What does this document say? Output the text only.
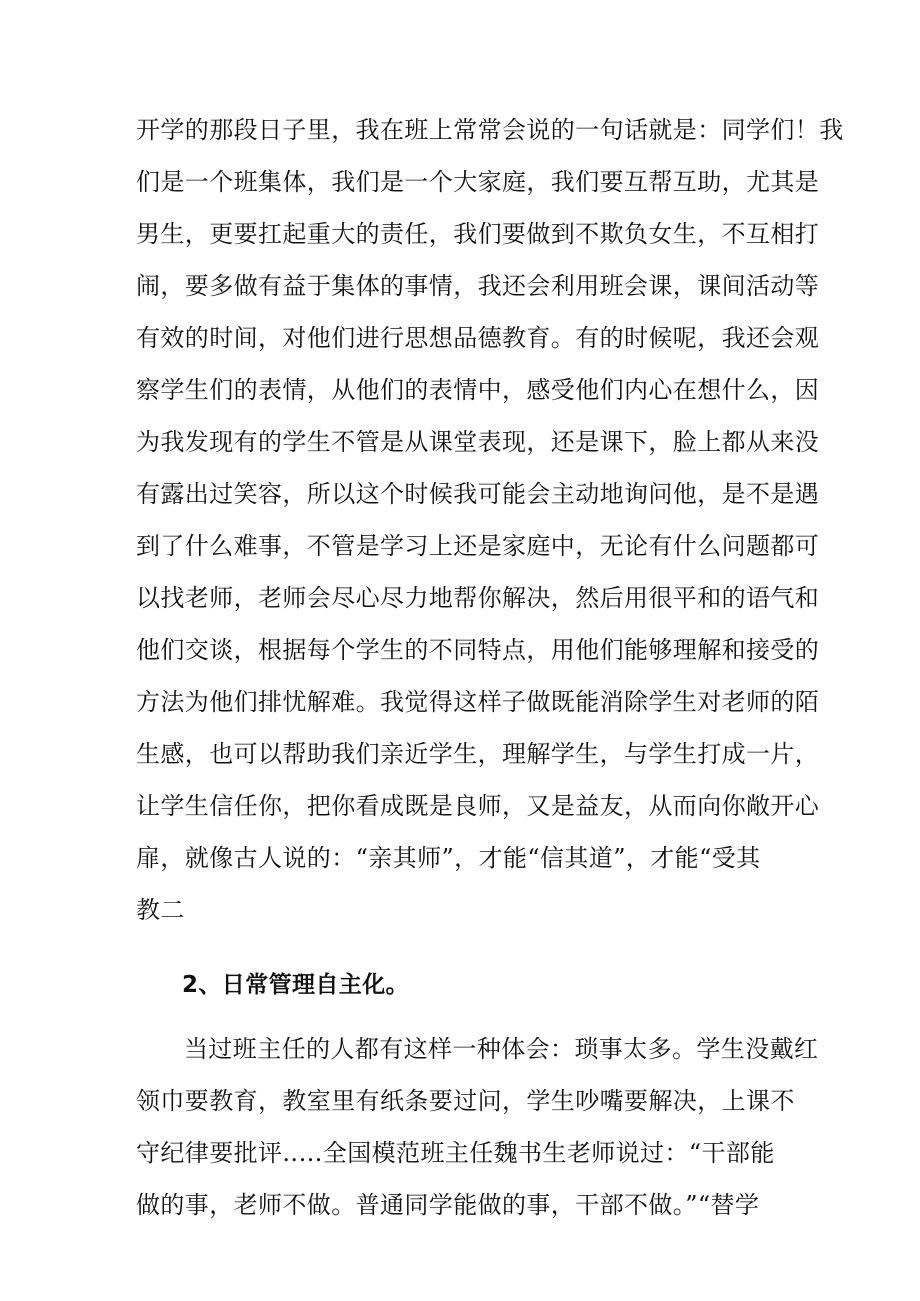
开学的那段日子里，我在班上常常会说的一句话就是：同学们！我
们是一个班集体，我们是一个大家庭，我们要互帮互助，尤其是
男生，更要扛起重大的责任，我们要做到不欺负女生，不互相打
闹，要多做有益于集体的事情，我还会利用班会课，课间活动等
有效的时间，对他们进行思想品德教育。有的时候呢，我还会观
察学生们的表情，从他们的表情中，感受他们内心在想什么，因
为我发现有的学生不管是从课堂表现，还是课下，脸上都从来没
有露出过笑容，所以这个时候我可能会主动地询问他，是不是遇
到了什么难事，不管是学习上还是家庭中，无论有什么问题都可
以找老师，老师会尽心尽力地帮你解决，然后用很平和的语气和
他们交谈，根据每个学生的不同特点，用他们能够理解和接受的
方法为他们排忧解难。我觉得这样子做既能消除学生对老师的陌
生感，也可以帮助我们亲近学生，理解学生，与学生打成一片，
让学生信任你，把你看成既是良师，又是益友，从而向你敞开心
扉，就像古人说的：“亲其师”，才能“信其道”，才能“受其
教二
2、日常管理自主化。
当过班主任的人都有这样一种体会：琐事太多。学生没戴红
领巾要教育，教室里有纸条要过问，学生吵嘴要解决，上课不
守纪律要批评..…全国模范班主任魏书生老师说过：“干部能
做的事，老师不做。普通同学能做的事，干部不做。”“替学
